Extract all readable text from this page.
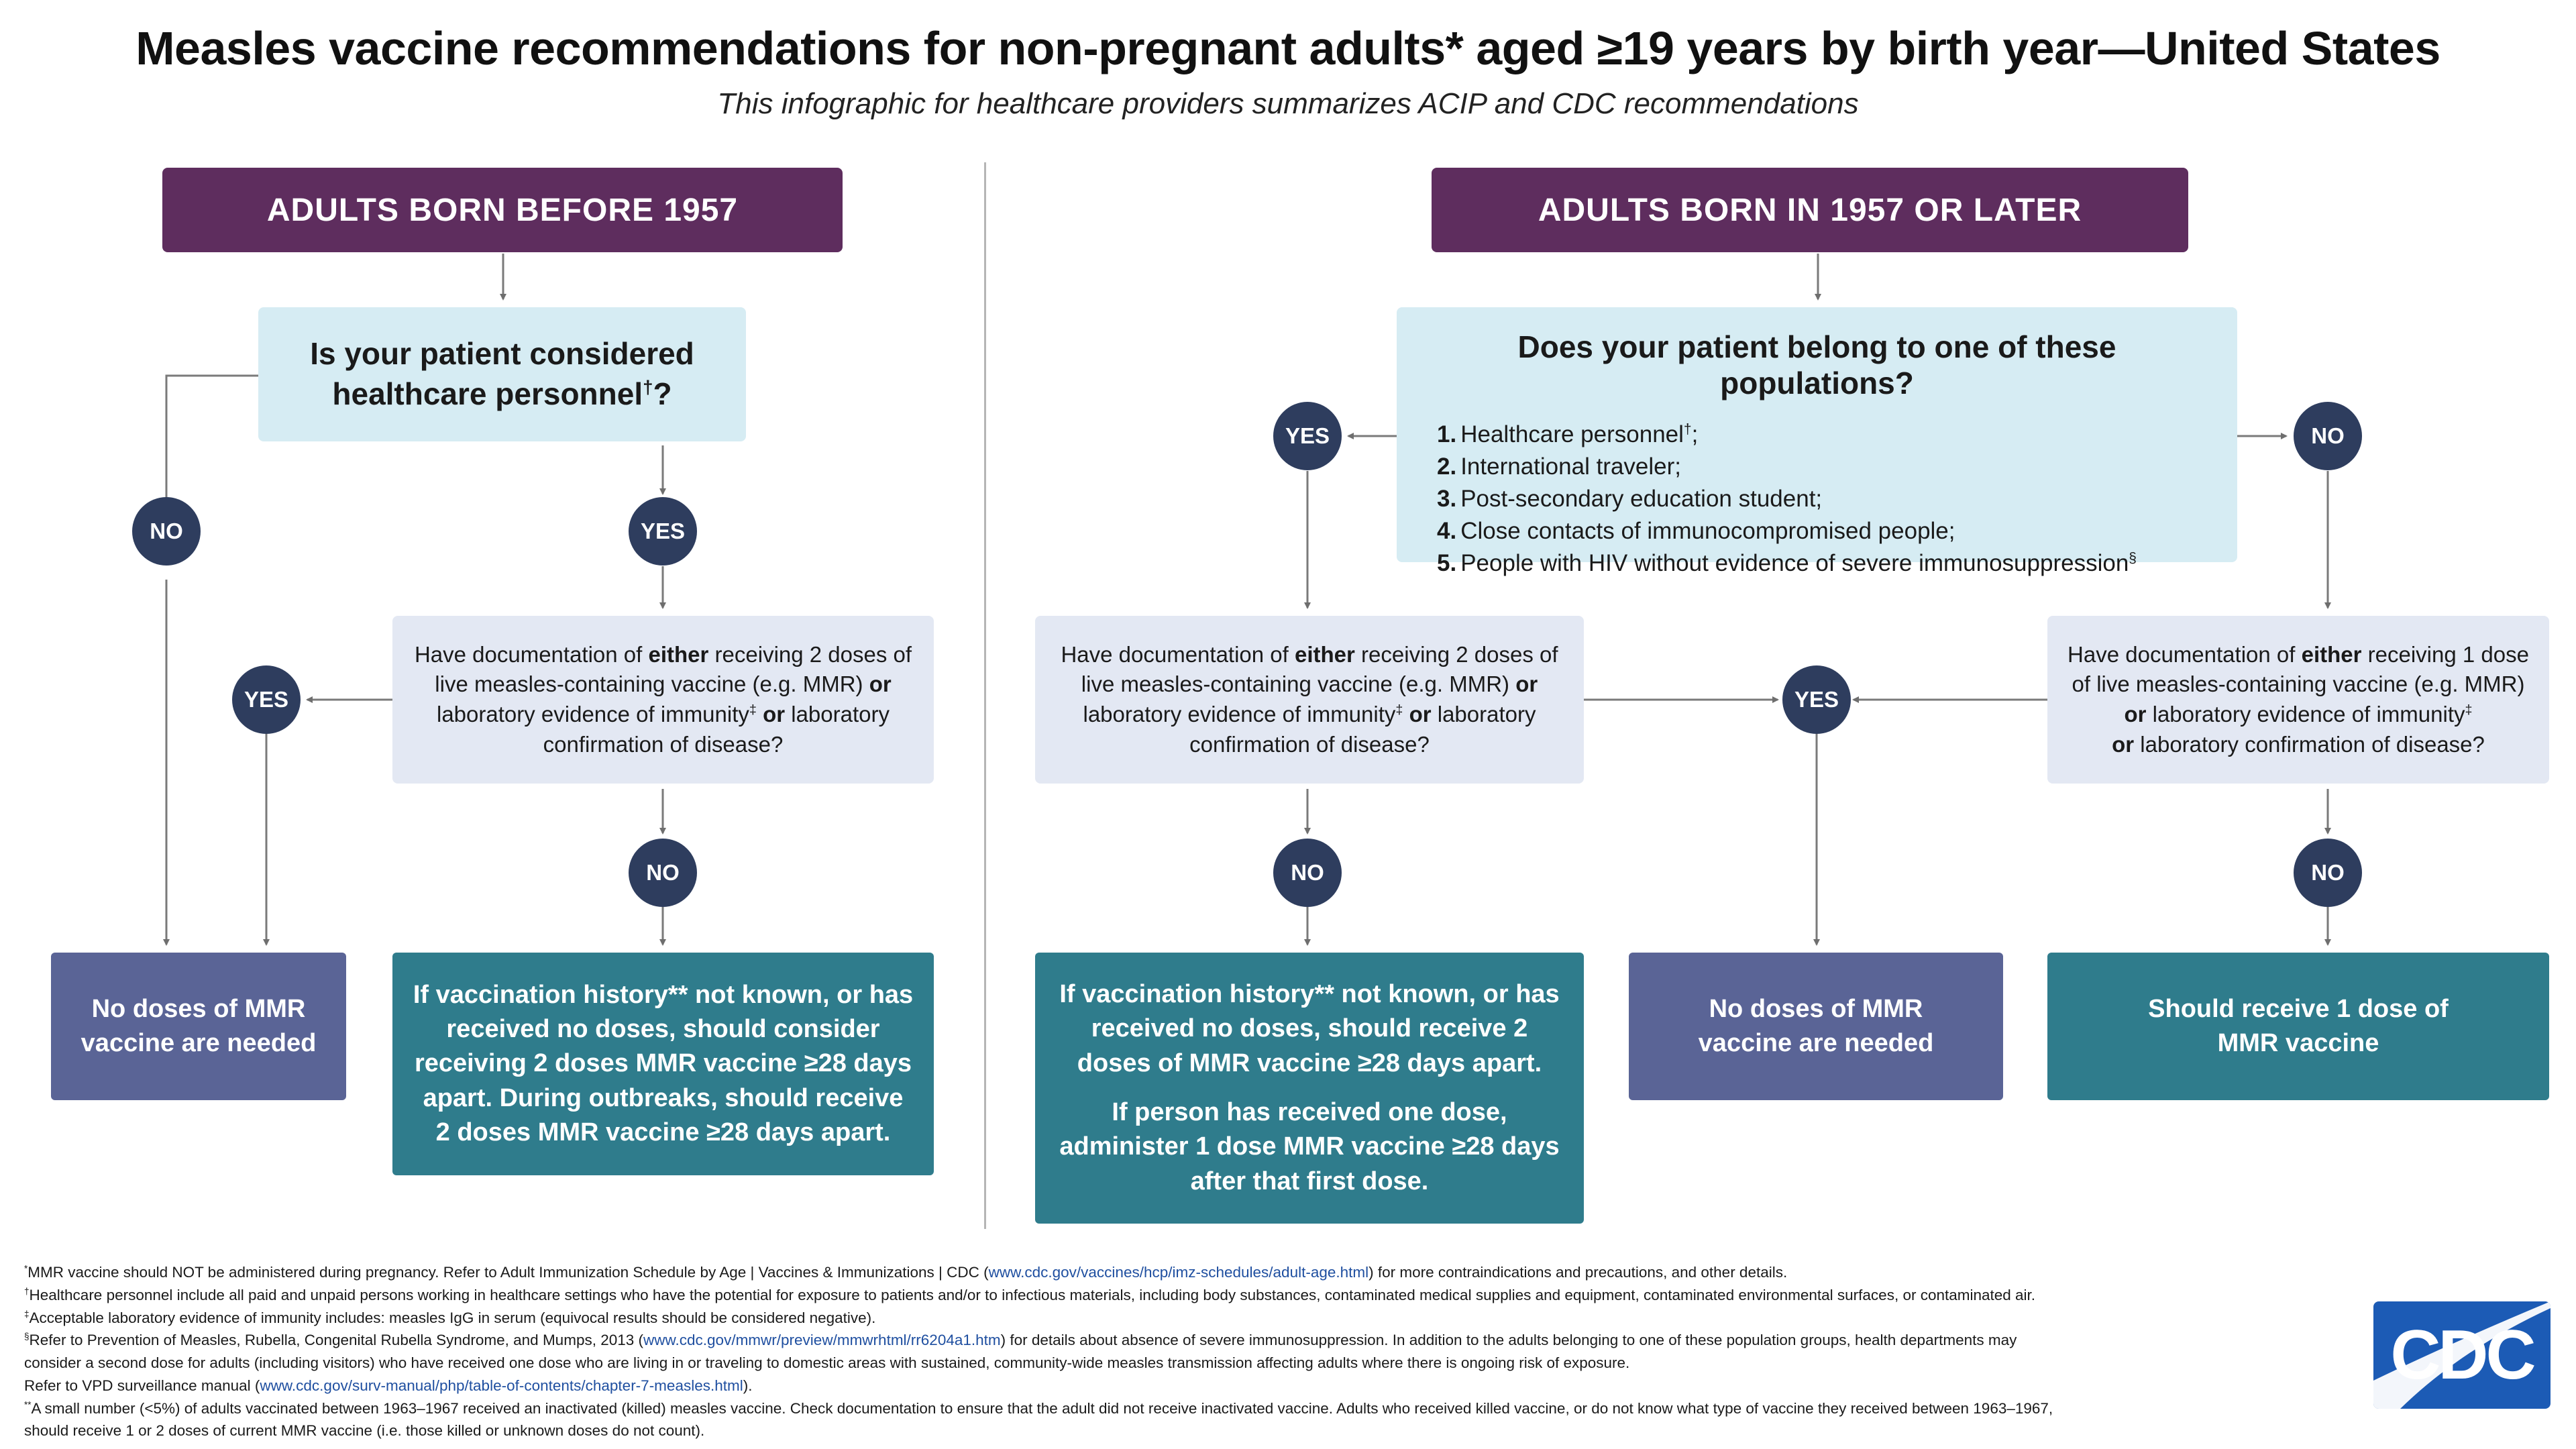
Measles vaccine recommendations for non-pregnant adults* aged ≥19 years by birth year—United States
This infographic for healthcare providers summarizes ACIP and CDC recommendations
ADULTS BORN BEFORE 1957
Is your patient considered
healthcare personnel†?
NO	YES
Have documentation of either receiving 2 doses of live measles-containing vaccine (e.g. MMR) or laboratory evidence of immunity‡ or laboratory confirmation of disease?
YES
NO
No doses of MMR vaccine are needed

If vaccination history** not known, or has received no doses, should consider receiving 2 doses MMR vaccine ≥28 days apart. During outbreaks, should receive 2 doses MMR vaccine ≥28 days apart.

ADULTS BORN IN 1957 OR LATER
Does your patient belong to one of these populations?
1. Healthcare personnel†;
2. International traveler;
3. Post-secondary education student;
4. Close contacts of immunocompromised people;
5. People with HIV without evidence of severe immunosuppression§
YES	NO
Have documentation of either receiving 2 doses of live measles-containing vaccine (e.g. MMR) or laboratory evidence of immunity‡ or laboratory confirmation of disease?
Have documentation of either receiving 1 dose of live measles-containing vaccine (e.g. MMR) or laboratory evidence of immunity‡
or laboratory confirmation of disease?
YES
NO	NO

If vaccination history** not known, or has received no doses, should receive 2 doses of MMR vaccine ≥28 days apart.

If person has received one dose, administer 1 dose MMR vaccine ≥28 days after that first dose.

No doses of MMR vaccine are needed

Should receive 1 dose of MMR vaccine

*MMR vaccine should NOT be administered during pregnancy. Refer to Adult Immunization Schedule by Age | Vaccines & Immunizations | CDC (www.cdc.gov/vaccines/hcp/imz-schedules/adult-age.html) for more contraindications and precautions, and other details.
†Healthcare personnel include all paid and unpaid persons working in healthcare settings who have the potential for exposure to patients and/or to infectious materials, including body substances, contaminated medical supplies and equipment, contaminated environmental surfaces, or contaminated air.
‡Acceptable laboratory evidence of immunity includes: measles IgG in serum (equivocal results should be considered negative).
§Refer to Prevention of Measles, Rubella, Congenital Rubella Syndrome, and Mumps, 2013 (www.cdc.gov/mmwr/preview/mmwrhtml/rr6204a1.htm) for details about absence of severe immunosuppression. In addition to the adults belonging to one of these population groups, health departments may
consider a second dose for adults (including visitors) who have received one dose who are living in or traveling to domestic areas with sustained, community-wide measles transmission affecting adults where there is ongoing risk of exposure.
Refer to VPD surveillance manual (www.cdc.gov/surv-manual/php/table-of-contents/chapter-7-measles.html).
**A small number (<5%) of adults vaccinated between 1963–1967 received an inactivated (killed) measles vaccine. Check documentation to ensure that the adult did not receive inactivated vaccine. Adults who received killed vaccine, or do not know what type of vaccine they received between 1963–1967,
should receive 1 or 2 doses of current MMR vaccine (i.e. those killed or unknown doses do not count).
CDC
